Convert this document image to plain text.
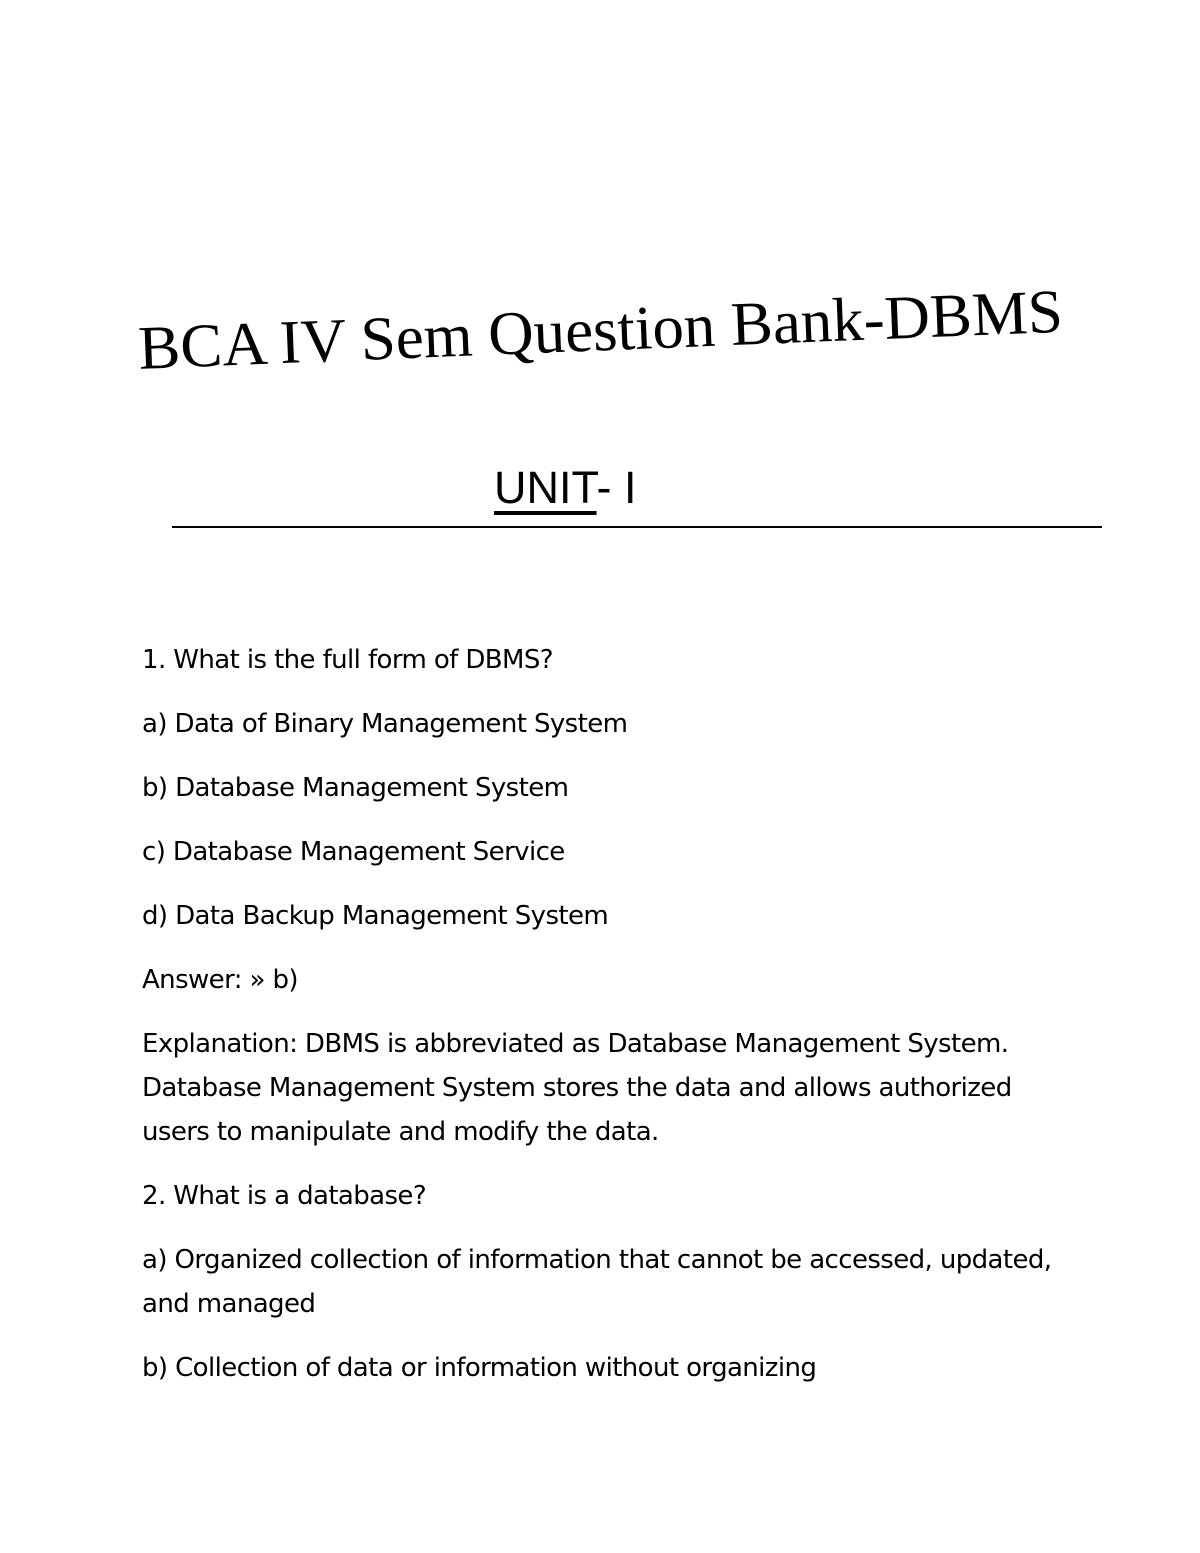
BCA IV Sem Question Bank-DBMS
UNIT- I

1. What is the full form of DBMS?

a) Data of Binary Management System

b) Database Management System

c) Database Management Service

d) Data Backup Management System

Answer: » b)

Explanation: DBMS is abbreviated as Database Management System. Database Management System stores the data and allows authorized users to manipulate and modify the data.

2. What is a database?

a) Organized collection of information that cannot be accessed, updated, and managed

b) Collection of data or information without organizing
